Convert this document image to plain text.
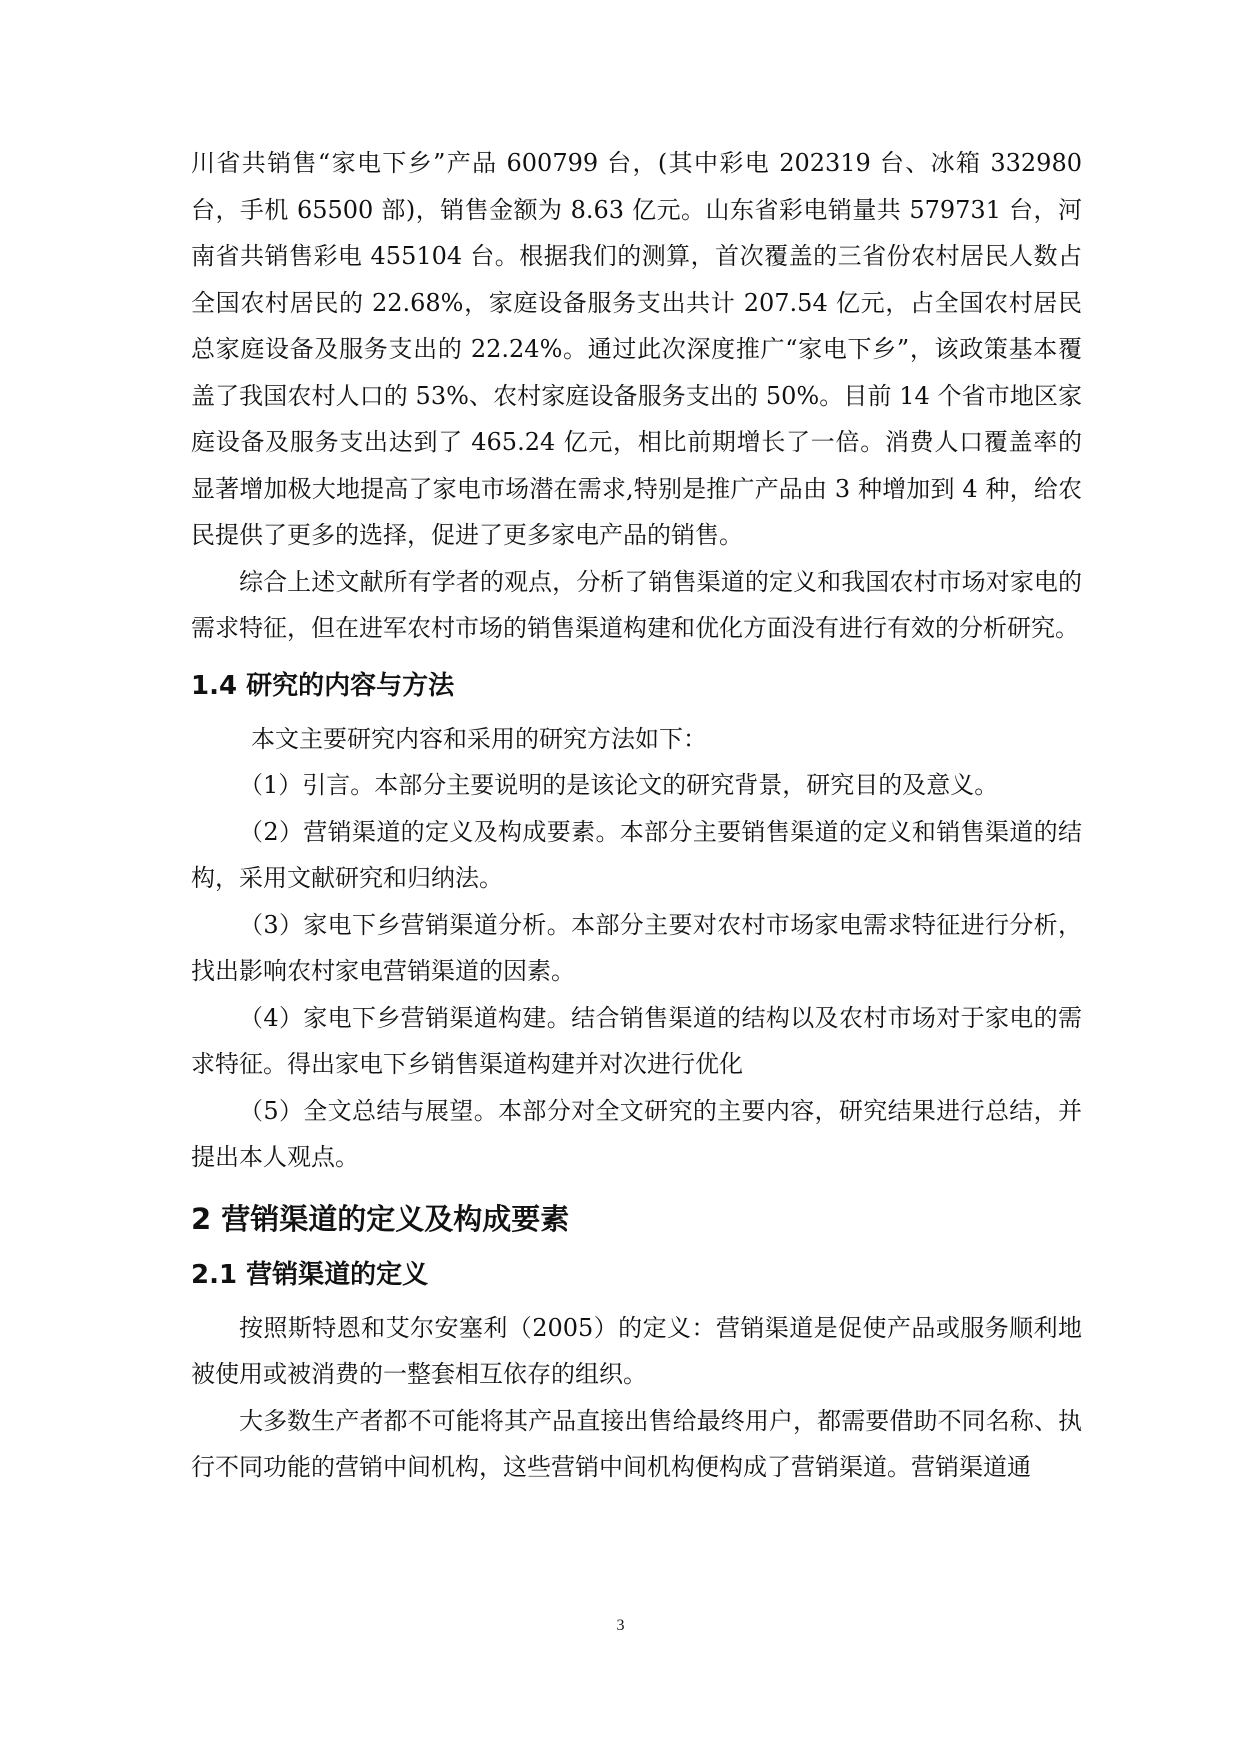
川省共销售“家电下乡”产品 600799 台，(其中彩电 202319 台、冰箱 332980 台，手机 65500 部)，销售金额为 8.63 亿元。山东省彩电销量共 579731 台，河南省共销售彩电 455104 台。根据我们的测算，首次覆盖的三省份农村居民人数占全国农村居民的 22.68%，家庭设备服务支出共计 207.54 亿元，占全国农村居民总家庭设备及服务支出的 22.24%。通过此次深度推广“家电下乡”，该政策基本覆盖了我国农村人口的 53%、农村家庭设备服务支出的 50%。目前 14 个省市地区家庭设备及服务支出达到了 465.24 亿元，相比前期增长了一倍。消费人口覆盖率的显著增加极大地提高了家电市场潜在需求,特别是推广产品由 3 种增加到 4 种，给农民提供了更多的选择，促进了更多家电产品的销售。

综合上述文献所有学者的观点，分析了销售渠道的定义和我国农村市场对家电的需求特征，但在进军农村市场的销售渠道构建和优化方面没有进行有效的分析研究。

1.4 研究的内容与方法

本文主要研究内容和采用的研究方法如下：

（1）引言。本部分主要说明的是该论文的研究背景，研究目的及意义。

（2）营销渠道的定义及构成要素。本部分主要销售渠道的定义和销售渠道的结构，采用文献研究和归纳法。

（3）家电下乡营销渠道分析。本部分主要对农村市场家电需求特征进行分析，找出影响农村家电营销渠道的因素。

（4）家电下乡营销渠道构建。结合销售渠道的结构以及农村市场对于家电的需求特征。得出家电下乡销售渠道构建并对次进行优化

（5）全文总结与展望。本部分对全文研究的主要内容，研究结果进行总结，并提出本人观点。

2 营销渠道的定义及构成要素
2.1 营销渠道的定义

按照斯特恩和艾尔安塞利（2005）的定义：营销渠道是促使产品或服务顺利地被使用或被消费的一整套相互依存的组织。

大多数生产者都不可能将其产品直接出售给最终用户，都需要借助不同名称、执行不同功能的营销中间机构，这些营销中间机构便构成了营销渠道。营销渠道通

3
